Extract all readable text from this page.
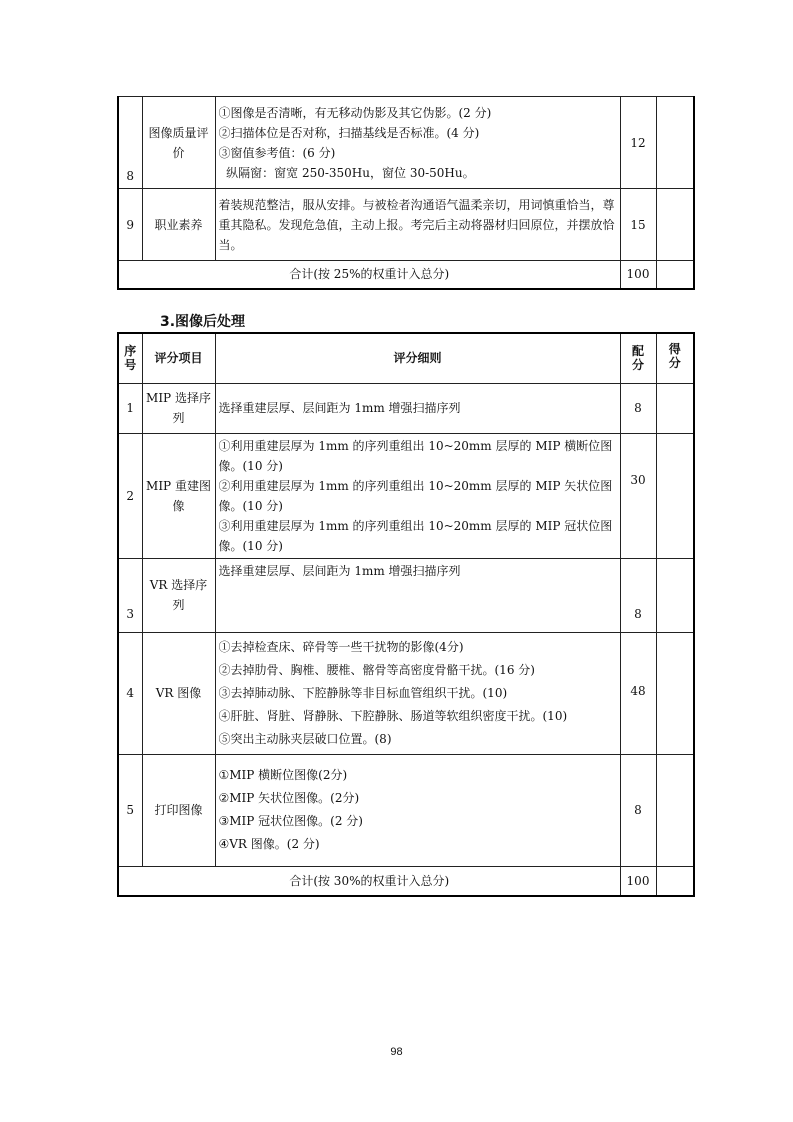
8	图像质量评价	①图像是否清晰，有无移动伪影及其它伪影。(2 分)
②扫描体位是否对称，扫描基线是否标准。(4 分)
③窗值参考值：(6 分)
纵隔窗：窗宽 250-350Hu，窗位 30-50Hu。	12	
9	职业素养	着装规范整洁，服从安排。与被检者沟通语气温柔亲切，用词慎重恰当，尊重其隐私。发现危急值，主动上报。考完后主动将器材归回原位，并摆放恰当。	15	
合计(按 25%的权重计入总分)			100	
3.图像后处理
序号	评分项目	评分细则	配分	得分
1	MIP 选择序列	选择重建层厚、层间距为 1mm 增强扫描序列	8	
2	MIP 重建图像	①利用重建层厚为 1mm 的序列重组出 10~20mm 层厚的 MIP 横断位图像。(10 分)
②利用重建层厚为 1mm 的序列重组出 10~20mm 层厚的 MIP 矢状位图像。(10 分)
③利用重建层厚为 1mm 的序列重组出 10~20mm 层厚的 MIP 冠状位图像。(10 分)	30	
3	VR 选择序列	选择重建层厚、层间距为 1mm 增强扫描序列	8	
4	VR 图像	①去掉检查床、碎骨等一些干扰物的影像(4分)
②去掉肋骨、胸椎、腰椎、髂骨等高密度骨骼干扰。(16 分)
③去掉肺动脉、下腔静脉等非目标血管组织干扰。(10)
④肝脏、肾脏、肾静脉、下腔静脉、肠道等软组织密度干扰。(10)
⑤突出主动脉夹层破口位置。(8)	48	
5	打印图像	①MIP 横断位图像(2分)
②MIP 矢状位图像。(2分)
③MIP 冠状位图像。(2 分)
④VR 图像。(2 分)	8	
合计(按 30%的权重计入总分)			100	
98
